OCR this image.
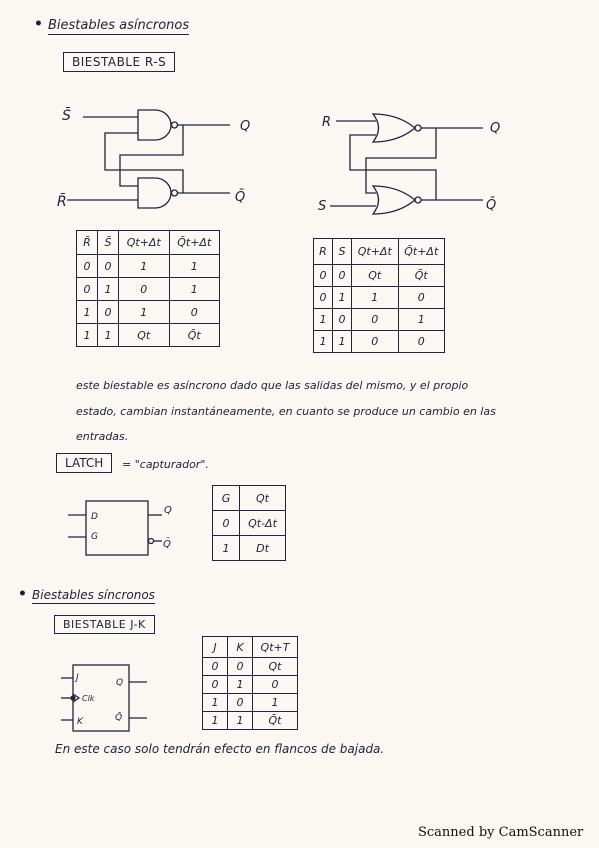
• Biestables asíncronos
BIESTABLE R-S
S̄
R̄
Q
Q̄
R
S
Q
Q̄
R̄	S̄	Qt+Δt	Q̄t+Δt
0	0	1	1
0	1	0	1
1	0	1	0
1	1	Qt	Q̄t
R	S	Qt+Δt	Q̄t+Δt
0	0	Qt	Q̄t
0	1	1	0
1	0	0	1
1	1	0	0
este biestable es asíncrono dado que las salidas del mismo, y el propio
estado, cambian instantáneamente, en cuanto se produce un cambio en las
entradas.
LATCH	= "capturador".
D
G
Q
Q̄
G	Qt
0	Qt-Δt
1	Dt
• Biestables síncronos
BIESTABLE J-K
J
Clk
K
Q
Q̄
J	K	Qt+T
0	0	Qt
0	1	0
1	0	1
1	1	Q̄t
En este caso solo tendrán efecto en flancos de bajada.
Scanned by CamScanner
